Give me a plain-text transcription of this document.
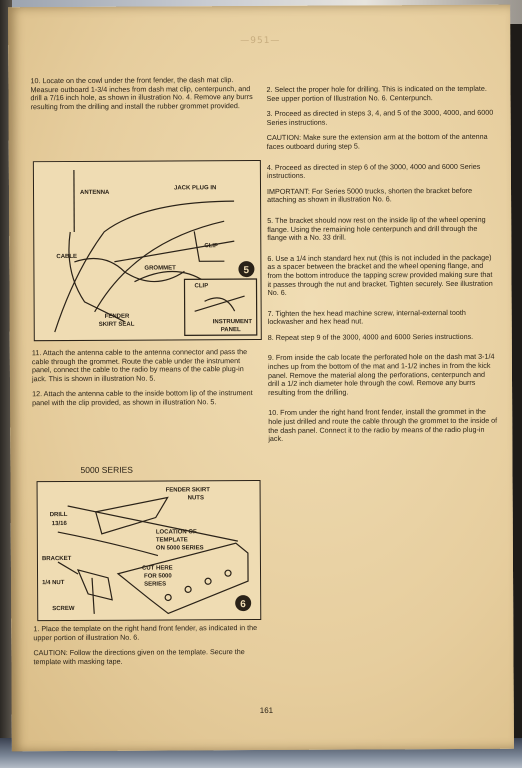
—951—

10. Locate on the cowl under the front fender, the dash mat clip. Measure outboard 1-3/4 inches from dash mat clip, centerpunch, and drill a 7/16 inch hole, as shown in illustration No. 4. Remove any burrs resulting from the drilling and install the rubber grommet provided.

5
ANTENNA
JACK PLUG IN
CLIP
CABLE
GROMMET
CLIP
FENDER
SKIRT SEAL	INSTRUMENT
PANEL

11. Attach the antenna cable to the antenna connector and pass the cable through the grommet. Route the cable under the instrument panel, connect the cable to the radio by means of the cable plug-in jack. This is shown in illustration No. 5.

12. Attach the antenna cable to the inside bottom lip of the instrument panel with the clip provided, as shown in illustration No. 5.

5000 SERIES
6
FENDER SKIRT
NUTS
DRILL
13/16
LOCATION OF
TEMPLATE
ON 5000 SERIES
BRACKET
CUT HERE
FOR 5000
SERIES
1/4 NUT
SCREW

1. Place the template on the right hand front fender, as indicated in the upper portion of illustration No. 6.

CAUTION: Follow the directions given on the template. Secure the template with masking tape.

2. Select the proper hole for drilling. This is indicated on the template. See upper portion of Illustration No. 6. Centerpunch.

3. Proceed as directed in steps 3, 4, and 5 of the 3000, 4000, and 6000 Series instructions.

CAUTION: Make sure the extension arm at the bottom of the antenna faces outboard during step 5.

4. Proceed as directed in step 6 of the 3000, 4000 and 6000 Series instructions.

IMPORTANT: For Series 5000 trucks, shorten the bracket before attaching as shown in illustration No. 6.

5. The bracket should now rest on the inside lip of the wheel opening flange. Using the remaining hole centerpunch and drill through the flange with a No. 33 drill.

6. Use a 1/4 inch standard hex nut (this is not included in the package) as a spacer between the bracket and the wheel opening flange, and from the bottom introduce the tapping screw provided making sure that it passes through the nut and bracket. Tighten securely. See illustration No. 6.

7. Tighten the hex head machine screw, internal-external tooth lockwasher and hex head nut.

8. Repeat step 9 of the 3000, 4000 and 6000 Series instructions.

9. From inside the cab locate the perforated hole on the dash mat 3-1/4 inches up from the bottom of the mat and 1-1/2 inches in from the kick panel. Remove the material along the perforations, centerpunch and drill a 1/2 inch diameter hole through the cowl. Remove any burrs resulting from the drilling.

10. From under the right hand front fender, install the grommet in the hole just drilled and route the cable through the grommet to the inside of the dash panel. Connect it to the radio by means of the radio plug-in jack.

161
